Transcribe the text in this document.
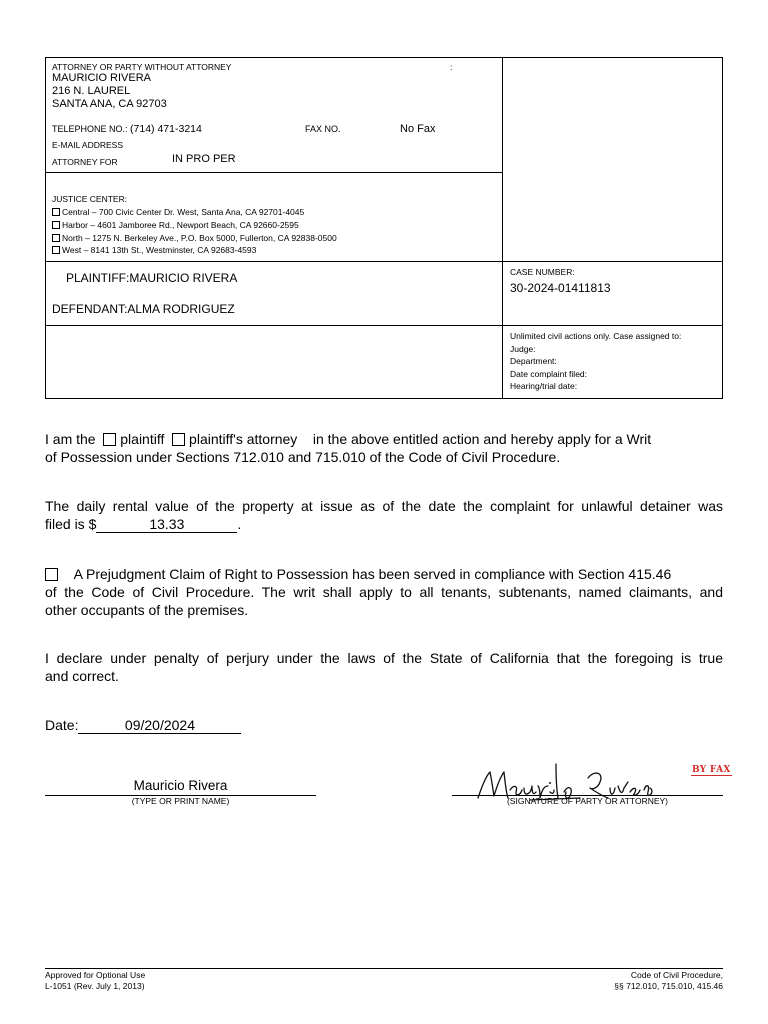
ATTORNEY OR PARTY WITHOUT ATTORNEY	:
MAURICIO RIVERA
216 N. LAUREL
SANTA ANA, CA 92703
TELEPHONE NO.: (714) 471-3214	FAX NO.	No Fax
E-MAIL ADDRESS
ATTORNEY FOR	IN PRO PER
JUSTICE CENTER:
Central – 700 Civic Center Dr. West, Santa Ana, CA 92701-4045
Harbor – 4601 Jamboree Rd., Newport Beach, CA 92660-2595
North – 1275 N. Berkeley Ave., P.O. Box 5000, Fullerton, CA 92838-0500
West – 8141 13th St., Westminster, CA 92683-4593
PLAINTIFF:MAURICIO RIVERA
DEFENDANT:ALMA RODRIGUEZ
CASE NUMBER:
30-2024-01411813
Unlimited civil actions only. Case assigned to:
Judge:
Department:
Date complaint filed:
Hearing/trial date:
I am the plaintiff plaintiff's attorney in the above entitled action and hereby apply for a Writ
of Possession under Sections 712.010 and 715.010 of the Code of Civil Procedure.
The daily rental value of the property at issue as of the date the complaint for unlawful detainer was
filed is $	13.33	.
A Prejudgment Claim of Right to Possession has been served in compliance with Section 415.46
of the Code of Civil Procedure. The writ shall apply to all tenants, subtenants, named claimants, and
other occupants of the premises.
I declare under penalty of perjury under the laws of the State of California that the foregoing is true
and correct.
Date:	09/20/2024
Mauricio Rivera
(TYPE OR PRINT NAME)	(SIGNATURE OF PARTY OR ATTORNEY)
BY FAX
Approved for Optional Use
L-1051 (Rev. July 1, 2013)
Code of Civil Procedure,
§§ 712.010, 715.010, 415.46
